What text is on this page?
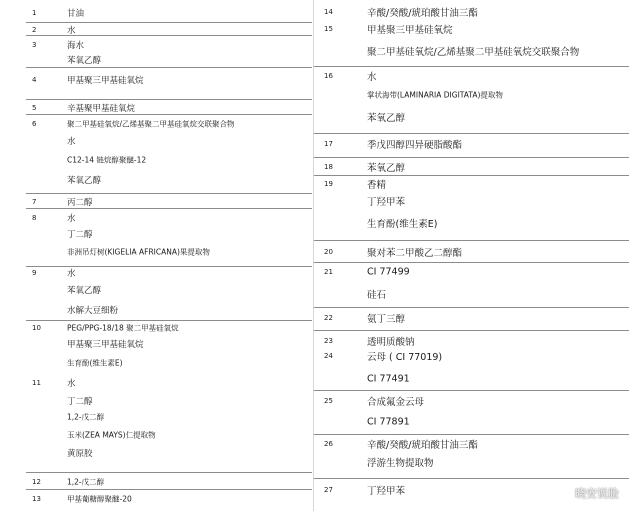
1	甘油
2	水
3	海水
苯氧乙醇
4	甲基聚三甲基硅氧烷
5	辛基聚甲基硅氧烷
6	聚二甲基硅氧烷/乙烯基聚二甲基硅氧烷交联聚合物
水
C12-14 链烷醇聚醚-12
苯氧乙醇
7	丙二醇
8	水
丁二醇
非洲吊灯树(KIGELIA AFRICANA)果提取物
9	水
苯氧乙醇
水解大豆细粉
10	PEG/PPG-18/18 聚二甲基硅氧烷
甲基聚三甲基硅氧烷
生育酚(维生素E)
11	水
丁二醇
1,2-戊二醇
玉米(ZEA MAYS)仁提取物
黄原胶
12	1,2-戊二醇
13	甲基葡糖醇聚醚-20
14	辛酸/癸酸/琥珀酸甘油三酯
15	甲基聚三甲基硅氧烷
聚二甲基硅氧烷/乙烯基聚二甲基硅氧烷交联聚合物
16	水
掌状海带(LAMINARIA DIGITATA)提取物
苯氧乙醇
17	季戊四醇四异硬脂酸酯
18	苯氧乙醇
19	香精
丁羟甲苯
生育酚(维生素E)
20	聚对苯二甲酸乙二醇酯
21	CI 77499
硅石
22	氨丁三醇
23	透明质酸钠
24	云母 ( CI 77019)
CI 77491
25	合成氟金云母
CI 77891
26	辛酸/癸酸/琥珀酸甘油三酯
浮游生物提取物
27	丁羟甲苯	晓安说脸
